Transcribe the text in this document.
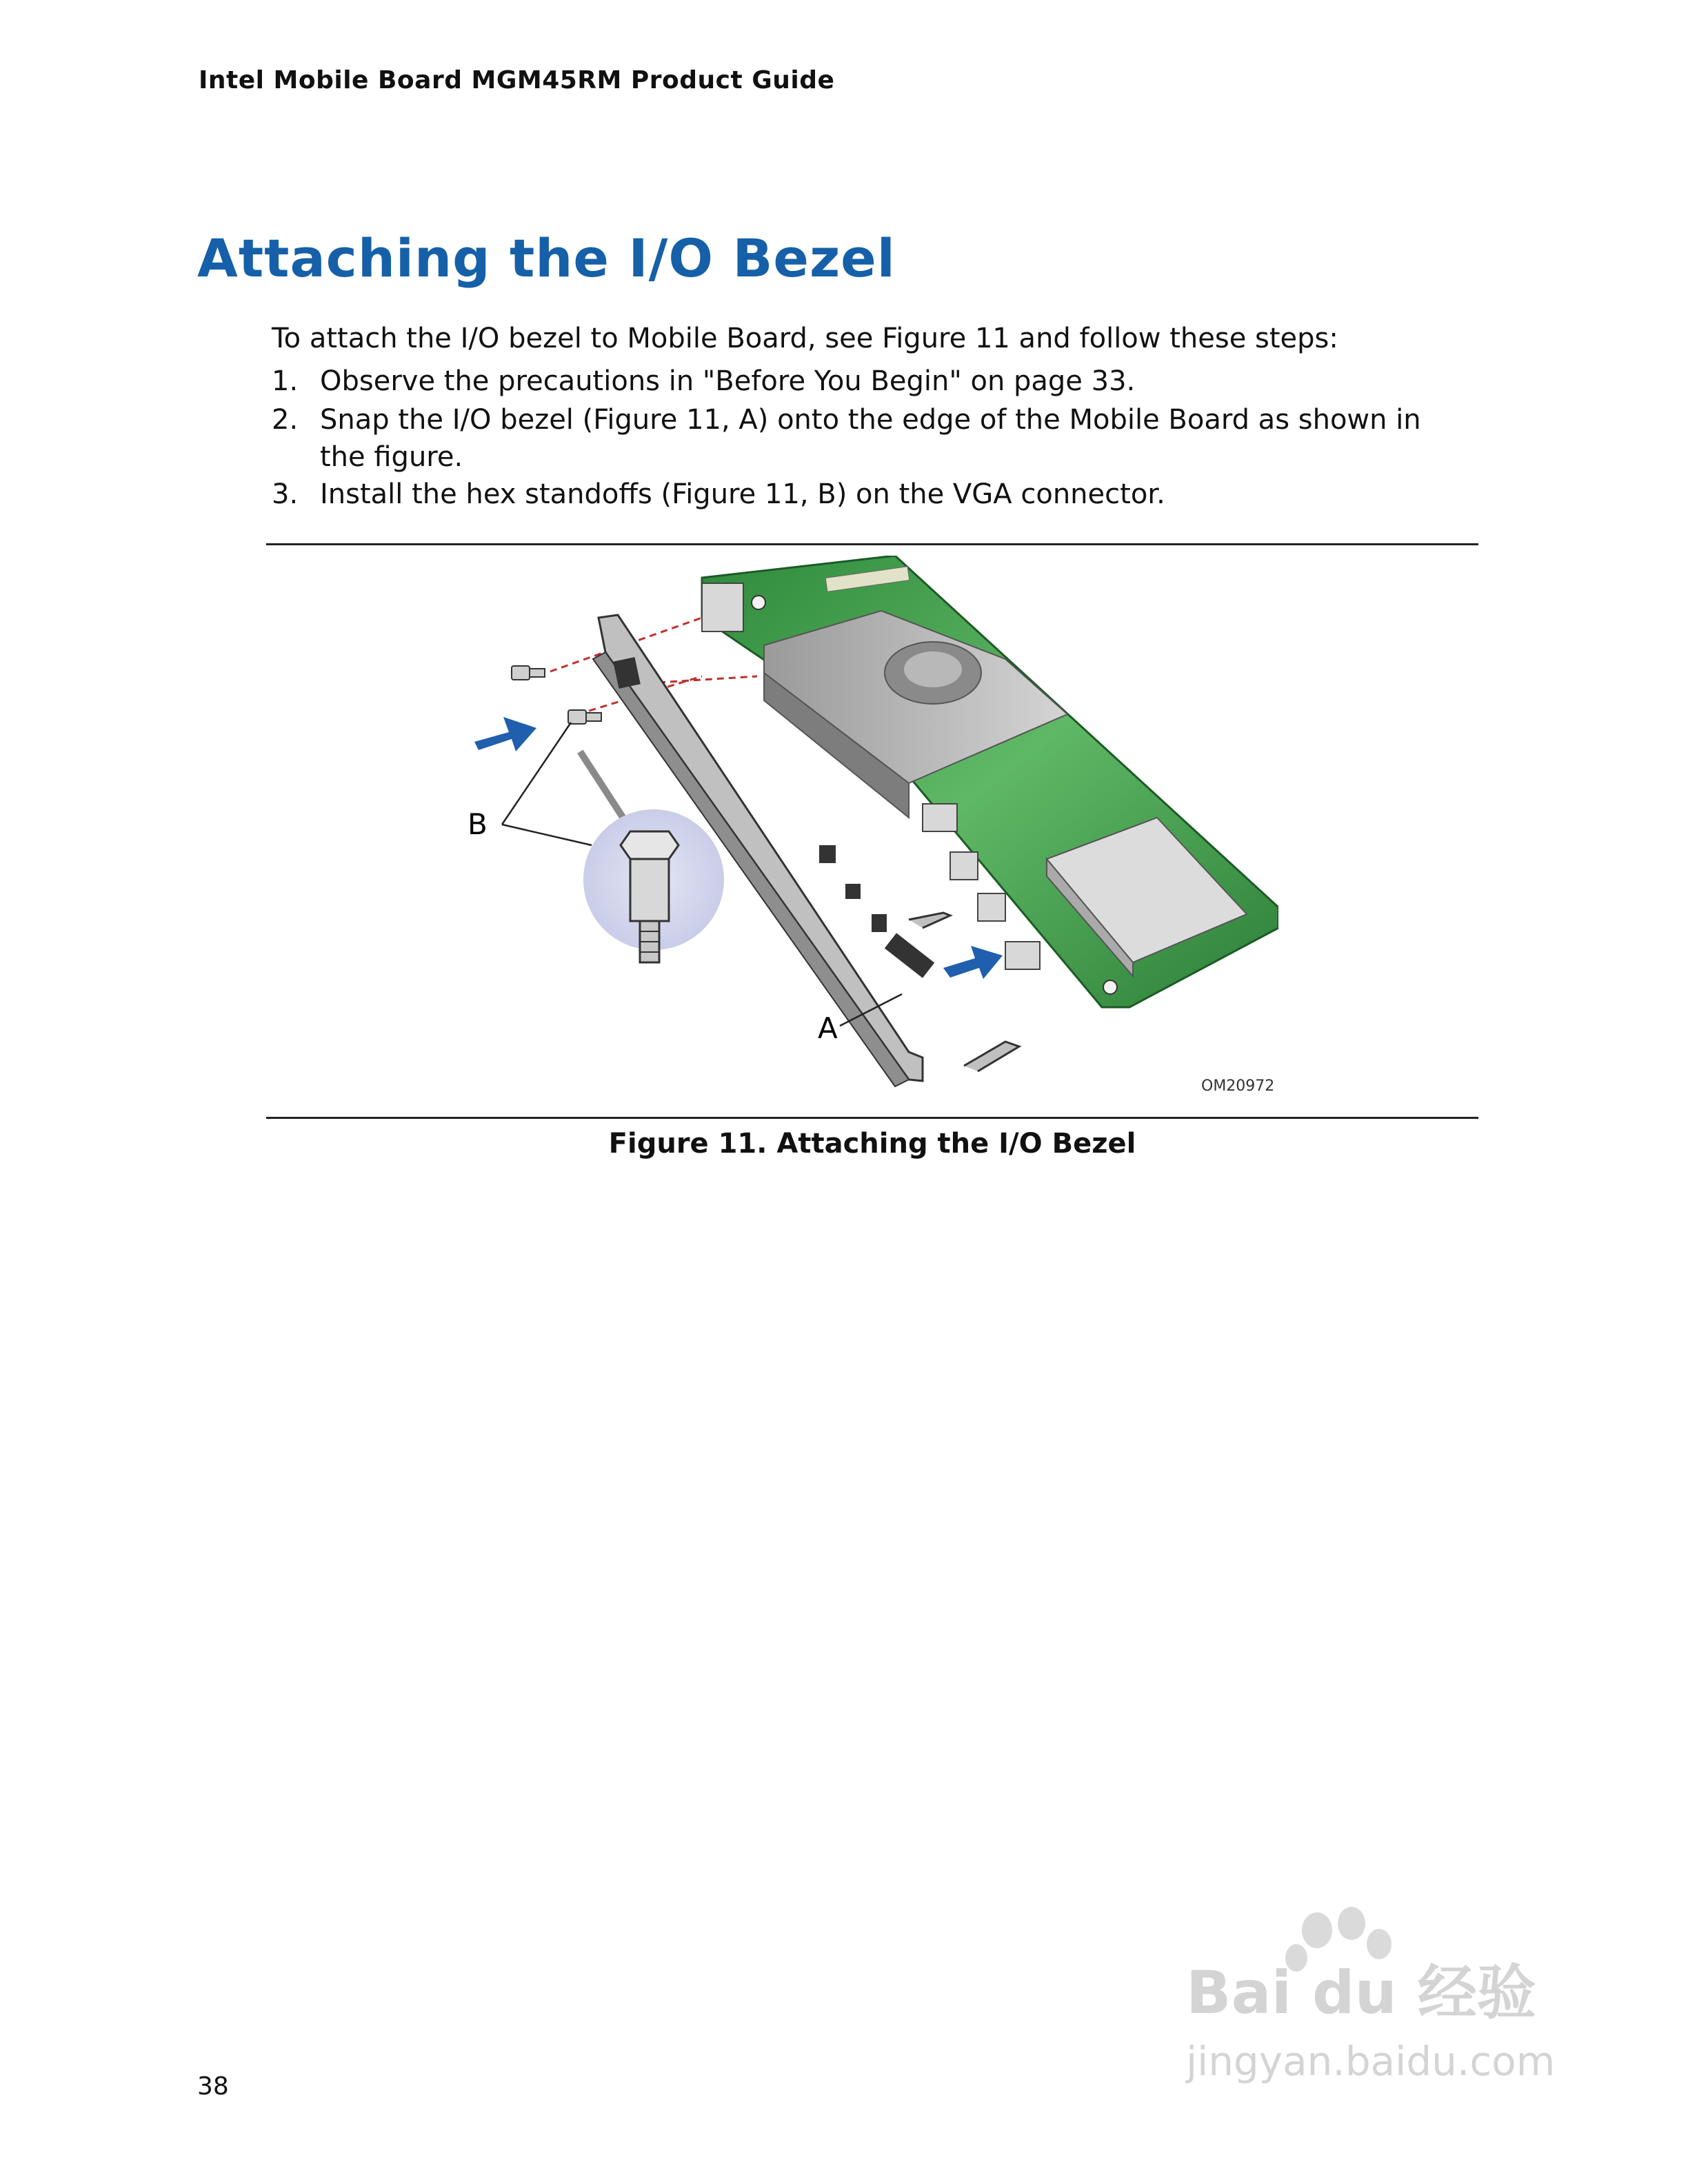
Intel Mobile Board MGM45RM Product Guide
Attaching the I/O Bezel
To attach the I/O bezel to Mobile Board, see Figure 11 and follow these steps:
1. Observe the precautions in "Before You Begin" on page 33.
2. Snap the I/O bezel (Figure 11, A) onto the edge of the Mobile Board as shown in the figure.
3. Install the hex standoffs (Figure 11, B) on the VGA connector.
B
A
OM20972
Figure 11. Attaching the I/O Bezel
38
Bai du 经验
jingyan.baidu.com
